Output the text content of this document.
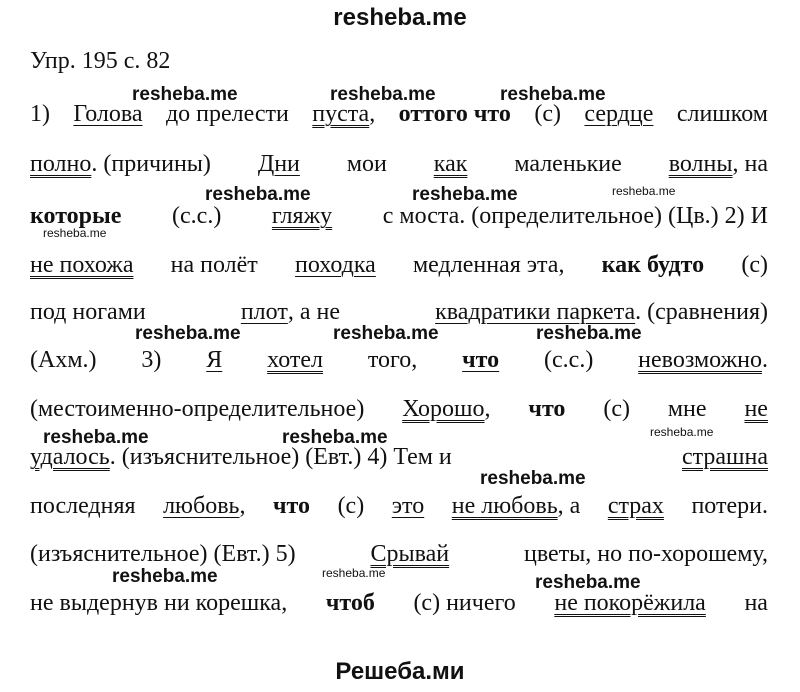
resheba.me
Упр. 195 с. 82
1) Голова до прелести пуста, оттого что (с) сердце слишком
полно. (причины) Дни мои как маленькие волны, на
которые (с.с.) гляжу с моста. (определительное) (Цв.) 2) И
не похожа на полёт походка медленная эта, как будто (с)
под ногами	плот, а не	квадратики паркета. (сравнения)
(Ахм.) 3) Я хотел того, что (с.с.) невозможно.
(местоименно-определительное) Хорошо, что (с) мне не
удалось. (изъяснительное) (Евт.) 4) Тем и	страшна
последняя любовь, что (с) это не любовь, а страх потери.
(изъяснительное) (Евт.) 5)	Срывай	цветы, но по-хорошему,
не выдернув ни корешка, чтоб (с) ничего не покорёжила на
resheba.me	resheba.me	resheba.me
resheba.me	resheba.me	resheba.me
resheba.me
resheba.me	resheba.me	resheba.me
resheba.me	resheba.me	resheba.me
resheba.me
resheba.me	resheba.me	resheba.me
Решеба.ми
